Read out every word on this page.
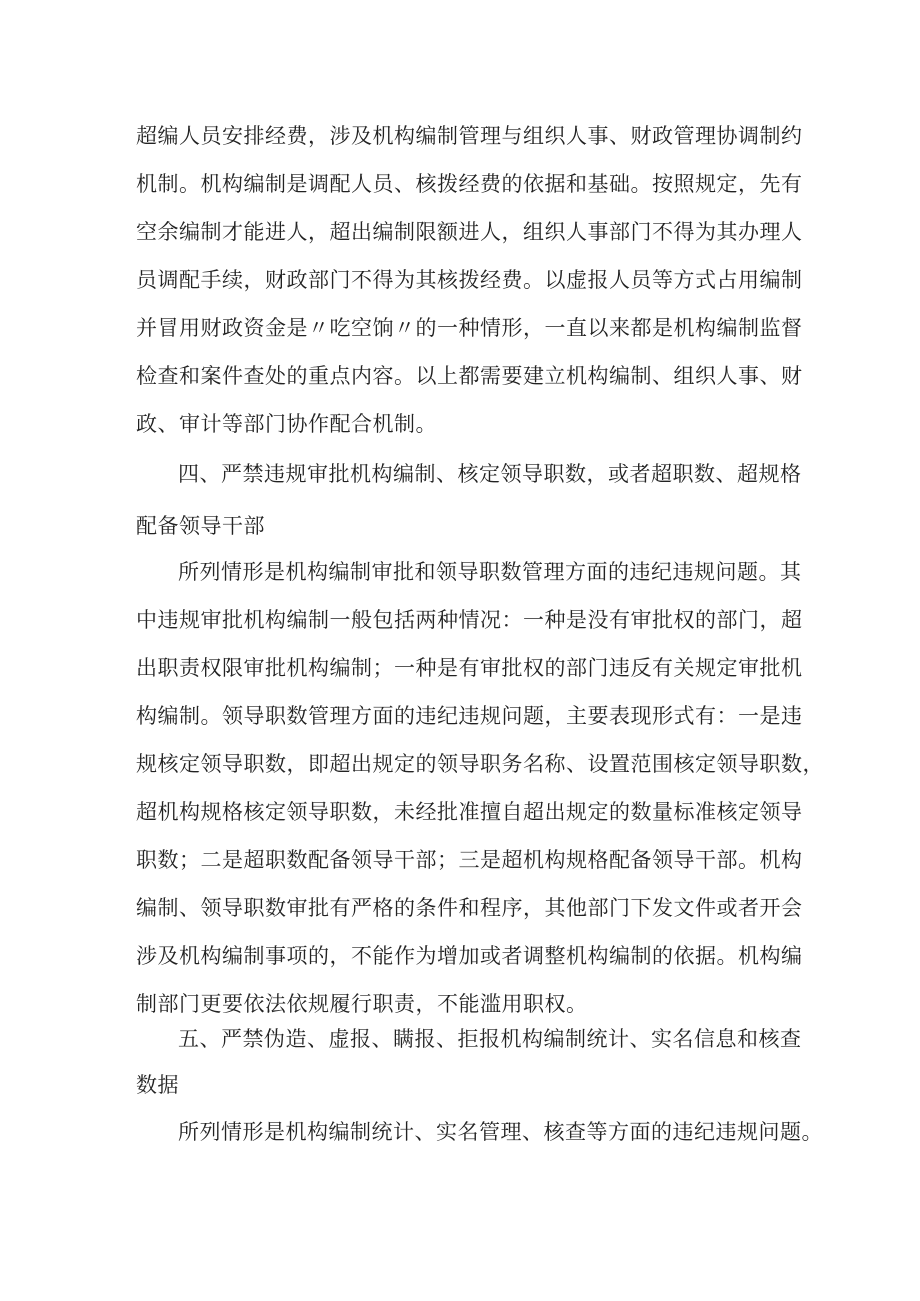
超编人员安排经费，涉及机构编制管理与组织人事、财政管理协调制约
机制。机构编制是调配人员、核拨经费的依据和基础。按照规定，先有
空余编制才能进人，超出编制限额进人，组织人事部门不得为其办理人
员调配手续，财政部门不得为其核拨经费。以虚报人员等方式占用编制
并冒用财政资金是〃吃空饷〃的一种情形，一直以来都是机构编制监督
检查和案件查处的重点内容。以上都需要建立机构编制、组织人事、财
政、审计等部门协作配合机制。
四、严禁违规审批机构编制、核定领导职数，或者超职数、超规格
配备领导干部
所列情形是机构编制审批和领导职数管理方面的违纪违规问题。其
中违规审批机构编制一般包括两种情况：一种是没有审批权的部门，超
出职责权限审批机构编制；一种是有审批权的部门违反有关规定审批机
构编制。领导职数管理方面的违纪违规问题，主要表现形式有：一是违
规核定领导职数，即超出规定的领导职务名称、设置范围核定领导职数，
超机构规格核定领导职数，未经批准擅自超出规定的数量标准核定领导
职数；二是超职数配备领导干部；三是超机构规格配备领导干部。机构
编制、领导职数审批有严格的条件和程序，其他部门下发文件或者开会
涉及机构编制事项的，不能作为增加或者调整机构编制的依据。机构编
制部门更要依法依规履行职责，不能滥用职权。
五、严禁伪造、虚报、瞒报、拒报机构编制统计、实名信息和核查
数据
所列情形是机构编制统计、实名管理、核查等方面的违纪违规问题。
